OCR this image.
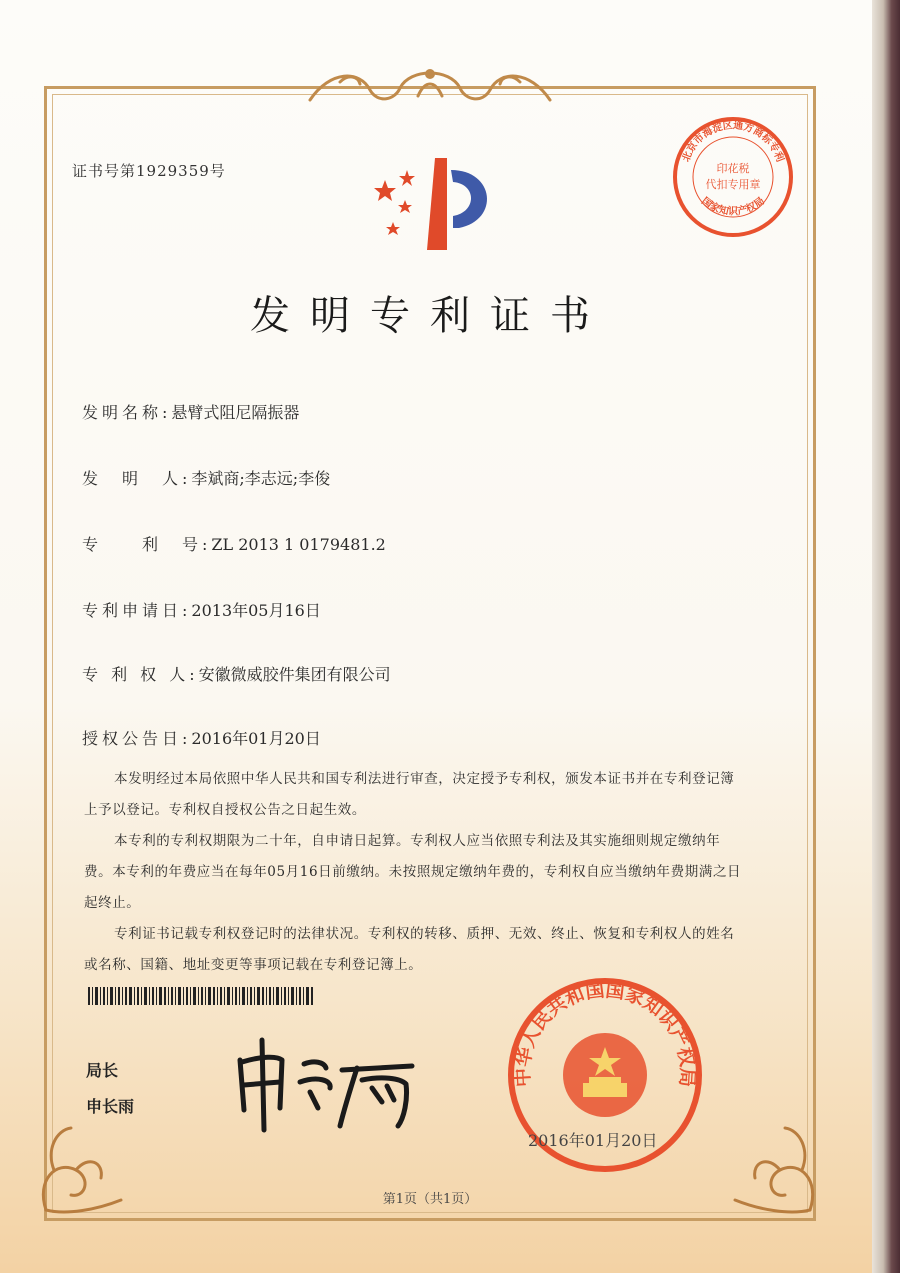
证书号第1929359号
北京市海淀区通方商标专利
国家知识产权局
印花税
代扣专用章
发明专利证书
发明名称:悬臂式阻尼隔振器
发　明　人:李斌商;李志远;李俊
专　　利　号:ZL 2013 1 0179481.2
专利申请日:2013年05月16日
专 利 权 人:安徽微威胶件集团有限公司
授权公告日:2016年01月20日

本发明经过本局依照中华人民共和国专利法进行审查，决定授予专利权，颁发本证书并在专利登记簿上予以登记。专利权自授权公告之日起生效。

本专利的专利权期限为二十年，自申请日起算。专利权人应当依照专利法及其实施细则规定缴纳年费。本专利的年费应当在每年05月16日前缴纳。未按照规定缴纳年费的，专利权自应当缴纳年费期满之日起终止。

专利证书记载专利权登记时的法律状况。专利权的转移、质押、无效、终止、恢复和专利权人的姓名或名称、国籍、地址变更等事项记载在专利登记簿上。

局长
申长雨
中华人民共和国国家知识产权局
2016年01月20日
第1页（共1页）
